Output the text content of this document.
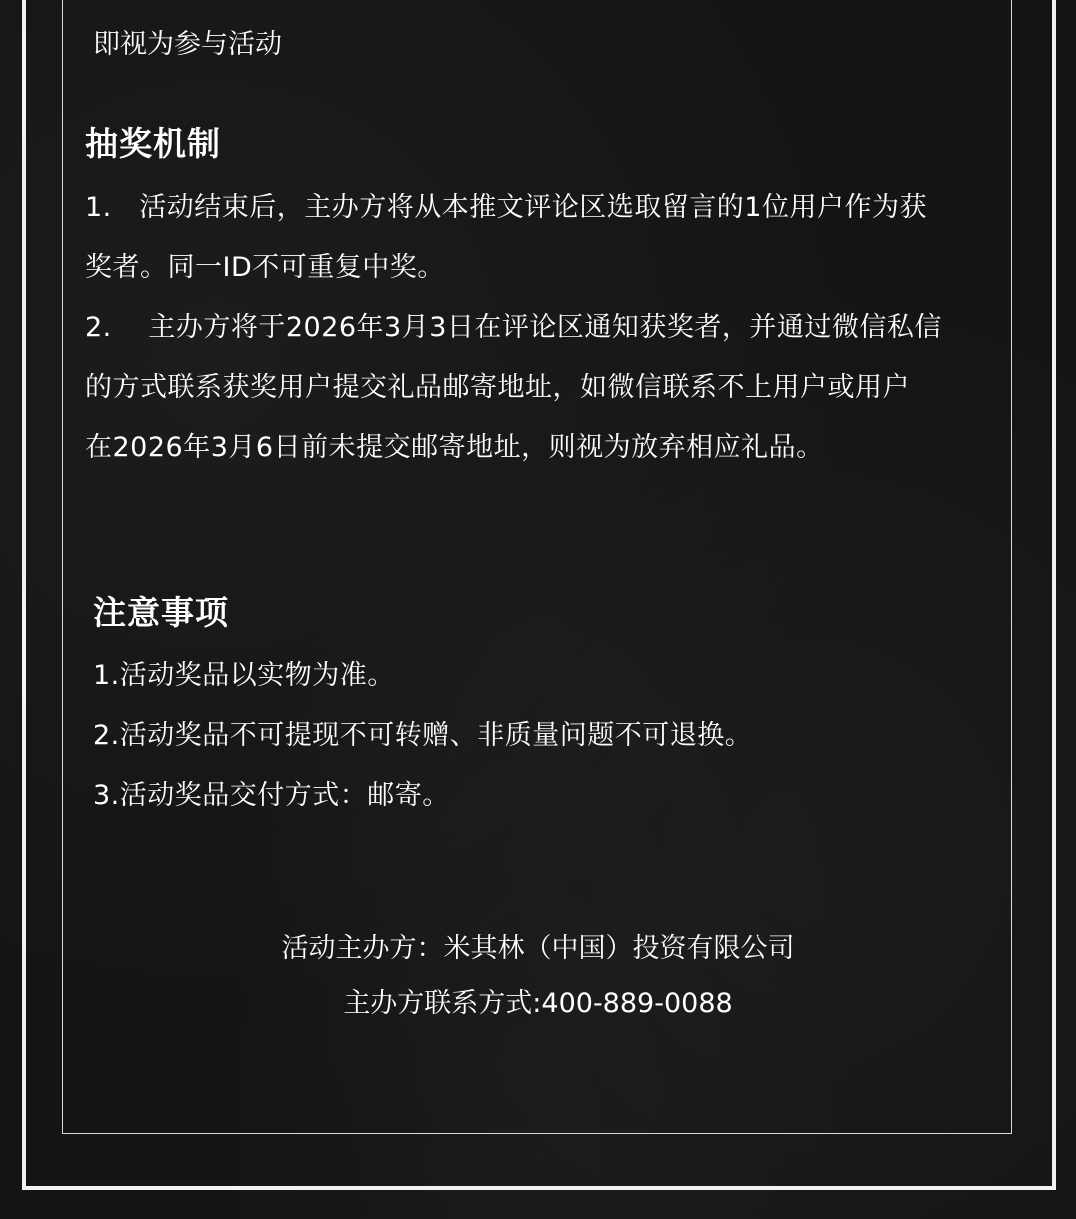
即视为参与活动
抽奖机制
1.　活动结束后，主办方将从本推文评论区选取留言的1位用户作为获
奖者。同一ID不可重复中奖。
2.　 主办方将于2026年3月3日在评论区通知获奖者，并通过微信私信
的方式联系获奖用户提交礼品邮寄地址，如微信联系不上用户或用户
在2026年3月6日前未提交邮寄地址，则视为放弃相应礼品。
注意事项
1.活动奖品以实物为准。
2.活动奖品不可提现不可转赠、非质量问题不可退换。
3.活动奖品交付方式：邮寄。
活动主办方：米其林（中国）投资有限公司
主办方联系方式:400-889-0088
